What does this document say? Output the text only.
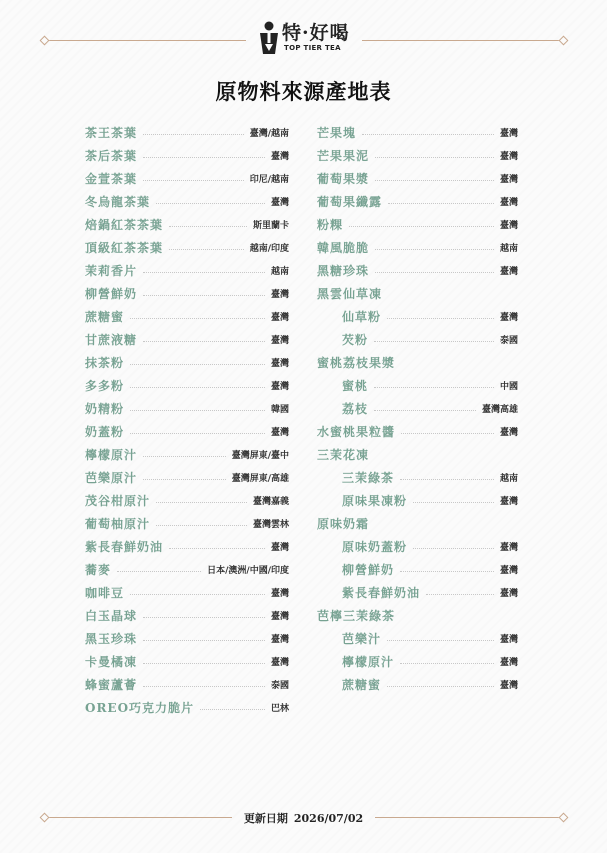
特·好喝
TOP TIER TEA
原物料來源產地表
茶王茶葉	臺灣/越南
茶后茶葉	臺灣
金萱茶葉	印尼/越南
冬烏龍茶葉	臺灣
焙鍋紅茶茶葉	斯里蘭卡
頂級紅茶茶葉	越南/印度
茉莉香片	越南
柳營鮮奶	臺灣
蔗糖蜜	臺灣
甘蔗液糖	臺灣
抹茶粉	臺灣
多多粉	臺灣
奶精粉	韓國
奶蓋粉	臺灣
檸檬原汁	臺灣屏東/臺中
芭樂原汁	臺灣屏東/高雄
茂谷柑原汁	臺灣嘉義
葡萄柚原汁	臺灣雲林
紫長春鮮奶油	臺灣
蕎麥	日本/澳洲/中國/印度
咖啡豆	臺灣
白玉晶球	臺灣
黑玉珍珠	臺灣
卡曼橘凍	臺灣
蜂蜜蘆薈	泰國
OREO巧克力脆片	巴林
芒果塊	臺灣
芒果果泥	臺灣
葡萄果漿	臺灣
葡萄果纖露	臺灣
粉粿	臺灣
韓風脆脆	越南
黑糖珍珠	臺灣
黑雲仙草凍
仙草粉	臺灣
芡粉	泰國
蜜桃荔枝果漿
蜜桃	中國
荔枝	臺灣高雄
水蜜桃果粒醬	臺灣
三茉花凍
三茉綠茶	越南
原味果凍粉	臺灣
原味奶霜
原味奶蓋粉	臺灣
柳營鮮奶	臺灣
紫長春鮮奶油	臺灣
芭檸三茉綠茶
芭樂汁	臺灣
檸檬原汁	臺灣
蔗糖蜜	臺灣
更新日期 2026/07/02
